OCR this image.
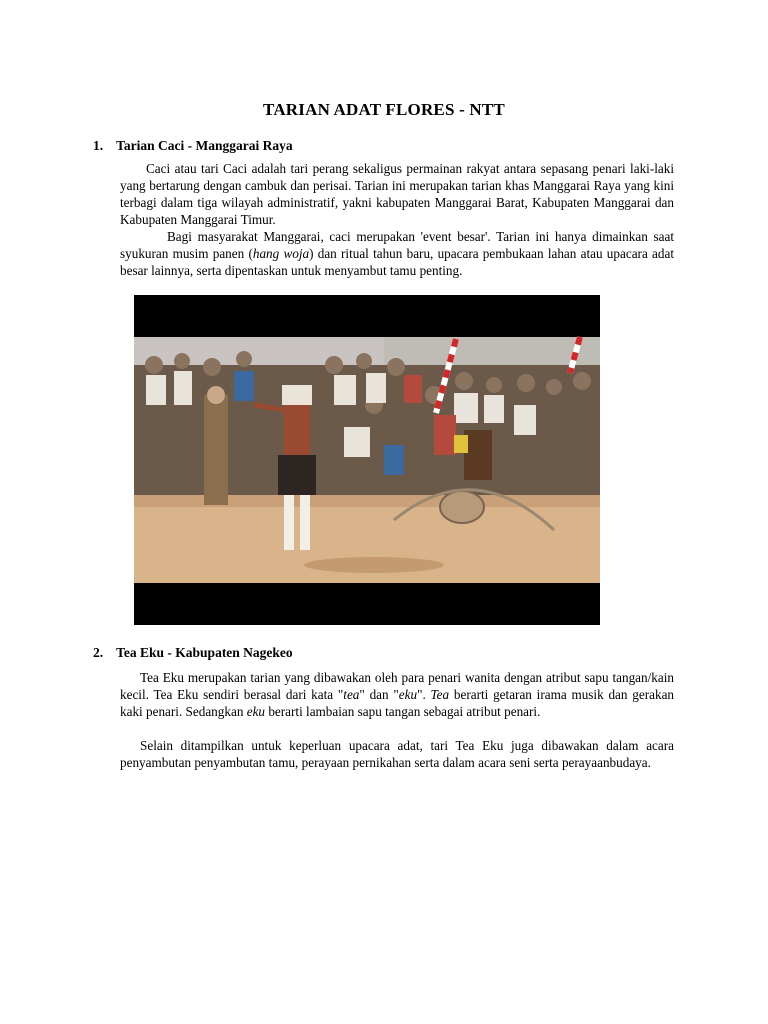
TARIAN ADAT FLORES - NTT
1. Tarian Caci - Manggarai Raya

Caci atau tari Caci adalah tari perang sekaligus permainan rakyat antara sepasang penari laki-laki yang bertarung dengan cambuk dan perisai. Tarian ini merupakan tarian khas Manggarai Raya yang kini terbagi dalam tiga wilayah administratif, yakni kabupaten Manggarai Barat, Kabupaten Manggarai dan Kabupaten Manggarai Timur.

Bagi masyarakat Manggarai, caci merupakan 'event besar'. Tarian ini hanya dimainkan saat syukuran musim panen (hang woja) dan ritual tahun baru, upacara pembukaan lahan atau upacara adat besar lainnya, serta dipentaskan untuk menyambut tamu penting.

2. Tea Eku - Kabupaten Nagekeo

Tea Eku merupakan tarian yang dibawakan oleh para penari wanita dengan atribut sapu tangan/kain kecil. Tea Eku sendiri berasal dari kata "tea" dan "eku". Tea berarti getaran irama musik dan gerakan kaki penari. Sedangkan eku berarti lambaian sapu tangan sebagai atribut penari.

Selain ditampilkan untuk keperluan upacara adat, tari Tea Eku juga dibawakan dalam acara penyambutan penyambutan tamu, perayaan pernikahan serta dalam acara seni serta perayaanbudaya.
